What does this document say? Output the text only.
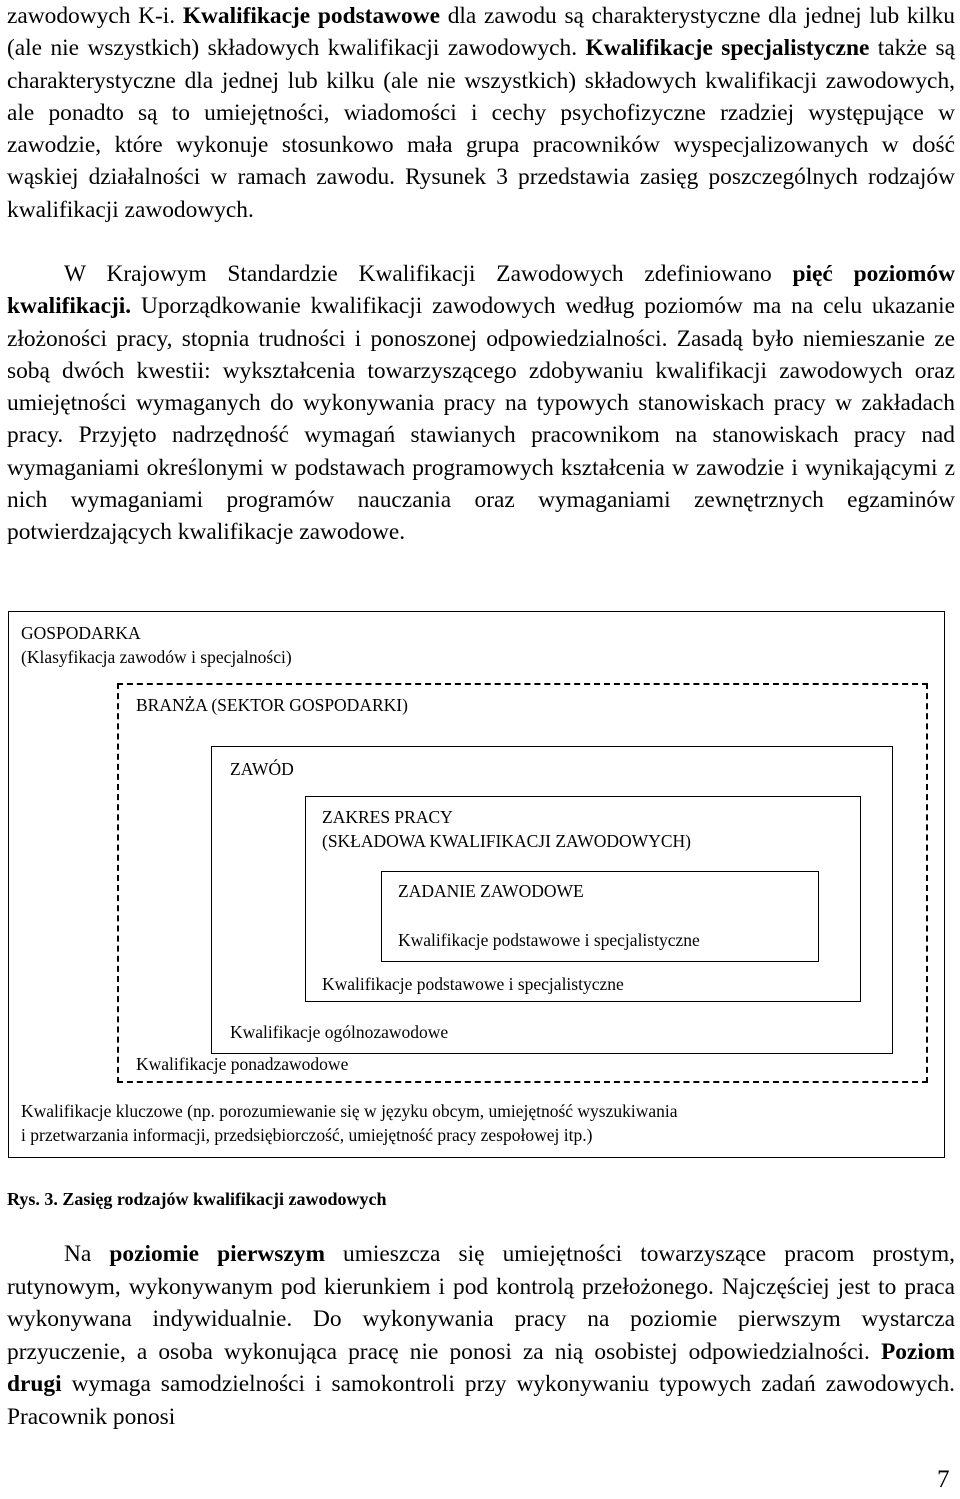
zawodowych K-i. Kwalifikacje podstawowe dla zawodu są charakterystyczne dla jednej lub kilku (ale nie wszystkich) składowych kwalifikacji zawodowych. Kwalifikacje specjalistyczne także są charakterystyczne dla jednej lub kilku (ale nie wszystkich) składowych kwalifikacji zawodowych, ale ponadto są to umiejętności, wiadomości i cechy psychofizyczne rzadziej występujące w zawodzie, które wykonuje stosunkowo mała grupa pracowników wyspecjalizowanych w dość wąskiej działalności w ramach zawodu. Rysunek 3 przedstawia zasięg poszczególnych rodzajów kwalifikacji zawodowych.
W Krajowym Standardzie Kwalifikacji Zawodowych zdefiniowano pięć poziomów kwalifikacji. Uporządkowanie kwalifikacji zawodowych według poziomów ma na celu ukazanie złożoności pracy, stopnia trudności i ponoszonej odpowiedzialności. Zasadą było niemieszanie ze sobą dwóch kwestii: wykształcenia towarzyszącego zdobywaniu kwalifikacji zawodowych oraz umiejętności wymaganych do wykonywania pracy na typowych stanowiskach pracy w zakładach pracy. Przyjęto nadrzędność wymagań stawianych pracownikom na stanowiskach pracy nad wymaganiami określonymi w podstawach programowych kształcenia w zawodzie i wynikającymi z nich wymaganiami programów nauczania oraz wymaganiami zewnętrznych egzaminów potwierdzających kwalifikacje zawodowe.
GOSPODARKA
(Klasyfikacja zawodów i specjalności)
BRANŻA (SEKTOR GOSPODARKI)
ZAWÓD
ZAKRES PRACY
(SKŁADOWA KWALIFIKACJI ZAWODOWYCH)
ZADANIE ZAWODOWE
Kwalifikacje podstawowe i specjalistyczne
Kwalifikacje podstawowe i specjalistyczne
Kwalifikacje ogólnozawodowe
Kwalifikacje ponadzawodowe
Kwalifikacje kluczowe (np. porozumiewanie się w języku obcym, umiejętność wyszukiwania
i przetwarzania informacji, przedsiębiorczość, umiejętność pracy zespołowej itp.)
Rys. 3. Zasięg rodzajów kwalifikacji zawodowych
Na poziomie pierwszym umieszcza się umiejętności towarzyszące pracom prostym, rutynowym, wykonywanym pod kierunkiem i pod kontrolą przełożonego. Najczęściej jest to praca wykonywana indywidualnie. Do wykonywania pracy na poziomie pierwszym wystarcza przyuczenie, a osoba wykonująca pracę nie ponosi za nią osobistej odpowiedzialności. Poziom drugi wymaga samodzielności i samokontroli przy wykonywaniu typowych zadań zawodowych. Pracownik ponosi
7
